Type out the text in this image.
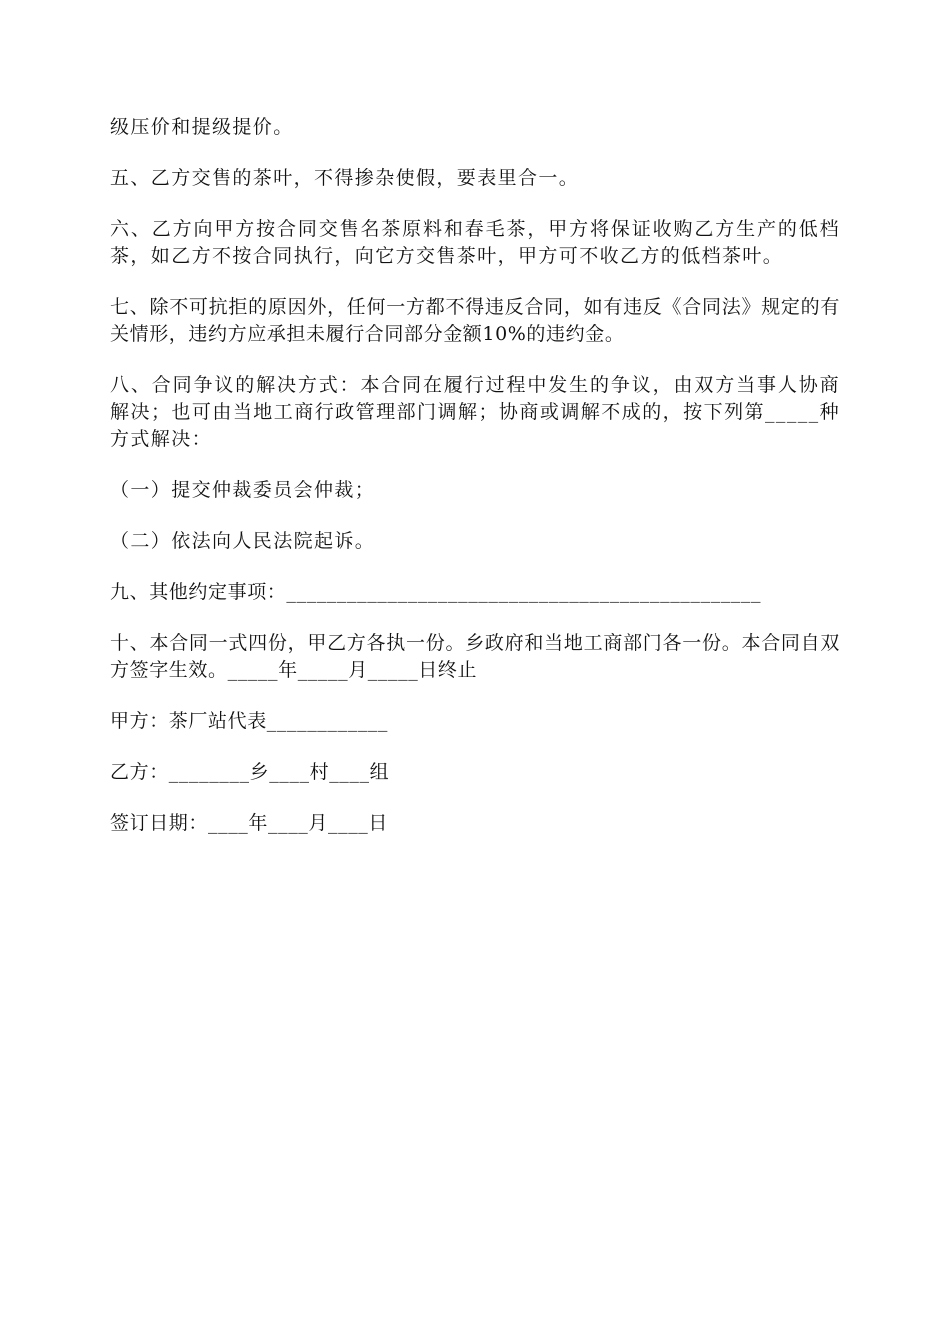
级压价和提级提价。

五、乙方交售的茶叶，不得掺杂使假，要表里合一。

六、乙方向甲方按合同交售名茶原料和春毛茶，甲方将保证收购乙方生产的低档茶，如乙方不按合同执行，向它方交售茶叶，甲方可不收乙方的低档茶叶。

七、除不可抗拒的原因外，任何一方都不得违反合同，如有违反《合同法》规定的有关情形，违约方应承担未履行合同部分金额10%的违约金。

八、合同争议的解决方式：本合同在履行过程中发生的争议，由双方当事人协商解决；也可由当地工商行政管理部门调解；协商或调解不成的，按下列第_____种方式解决：

（一）提交仲裁委员会仲裁；

（二）依法向人民法院起诉。

九、其他约定事项：_______________________________________________

十、本合同一式四份，甲乙方各执一份。乡政府和当地工商部门各一份。本合同自双方签字生效。_____年_____月_____日终止

甲方：茶厂站代表____________

乙方：________乡____村____组

签订日期：____年____月____日
